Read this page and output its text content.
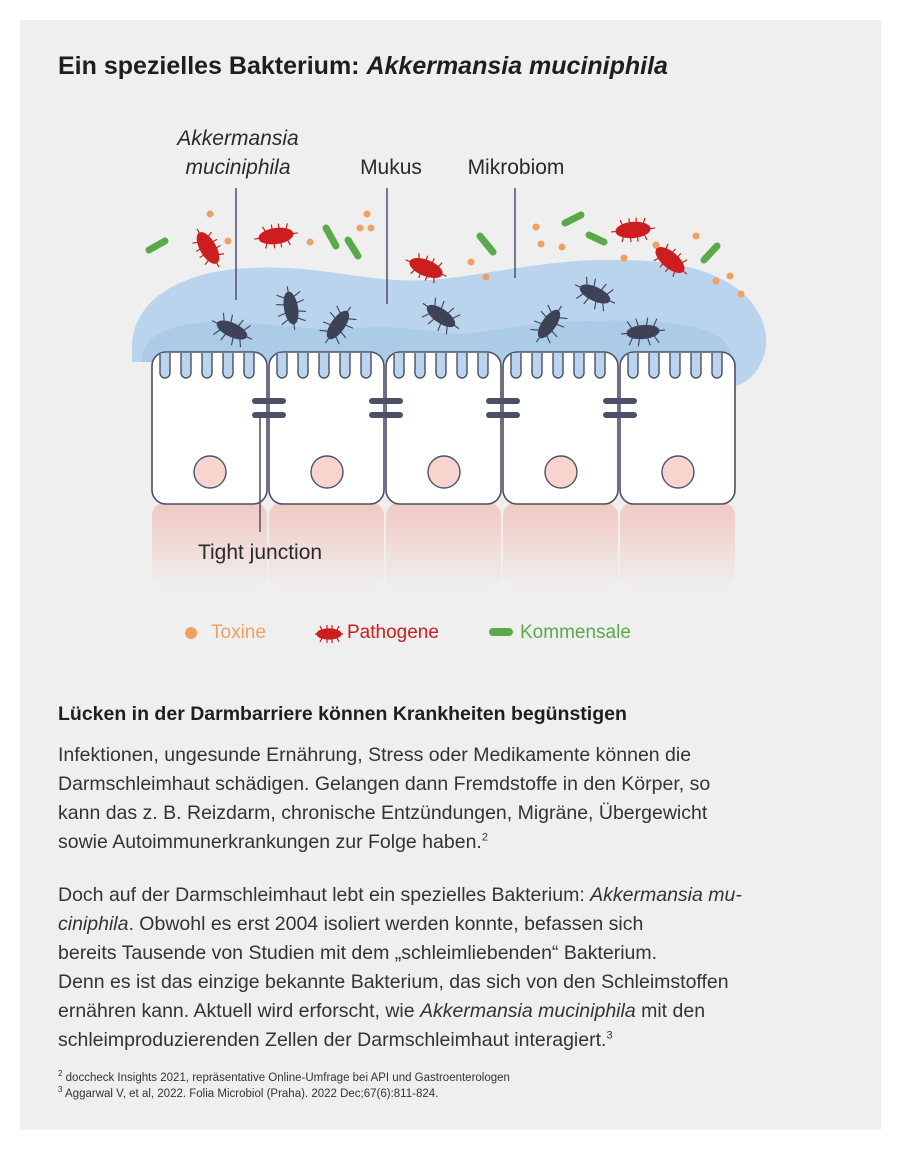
Ein spezielles Bakterium: Akkermansia muciniphila
Akkermansia
muciniphila	Mukus Mikrobiom
Tight junction
Toxine	Pathogene	Kommensale
Lücken in der Darmbarriere können Krankheiten begünstigen
Infektionen, ungesunde Ernährung, Stress oder Medikamente können die
Darmschleimhaut schädigen. Gelangen dann Fremdstoffe in den Körper, so
kann das z. B. Reizdarm, chronische Entzündungen, Migräne, Übergewicht
sowie Autoimmunerkrankungen zur Folge haben.$^2$
Doch auf der Darmschleimhaut lebt ein spezielles Bakterium: Akkermansia mu-
ciniphila. Obwohl es erst 2004 isoliert werden konnte, befassen sich
bereits Tausende von Studien mit dem „schleimliebenden“ Bakterium.
Denn es ist das einzige bekannte Bakterium, das sich von den Schleimstoffen
ernähren kann. Aktuell wird erforscht, wie Akkermansia muciniphila mit den
schleimproduzierenden Zellen der Darmschleimhaut interagiert.$^3$
$^2$ doccheck Insights 2021, repräsentative Online-Umfrage bei API und Gastroenterologen
$^3$ Aggarwal V, et al, 2022. Folia Microbiol (Praha). 2022 Dec;67(6):811-824.
